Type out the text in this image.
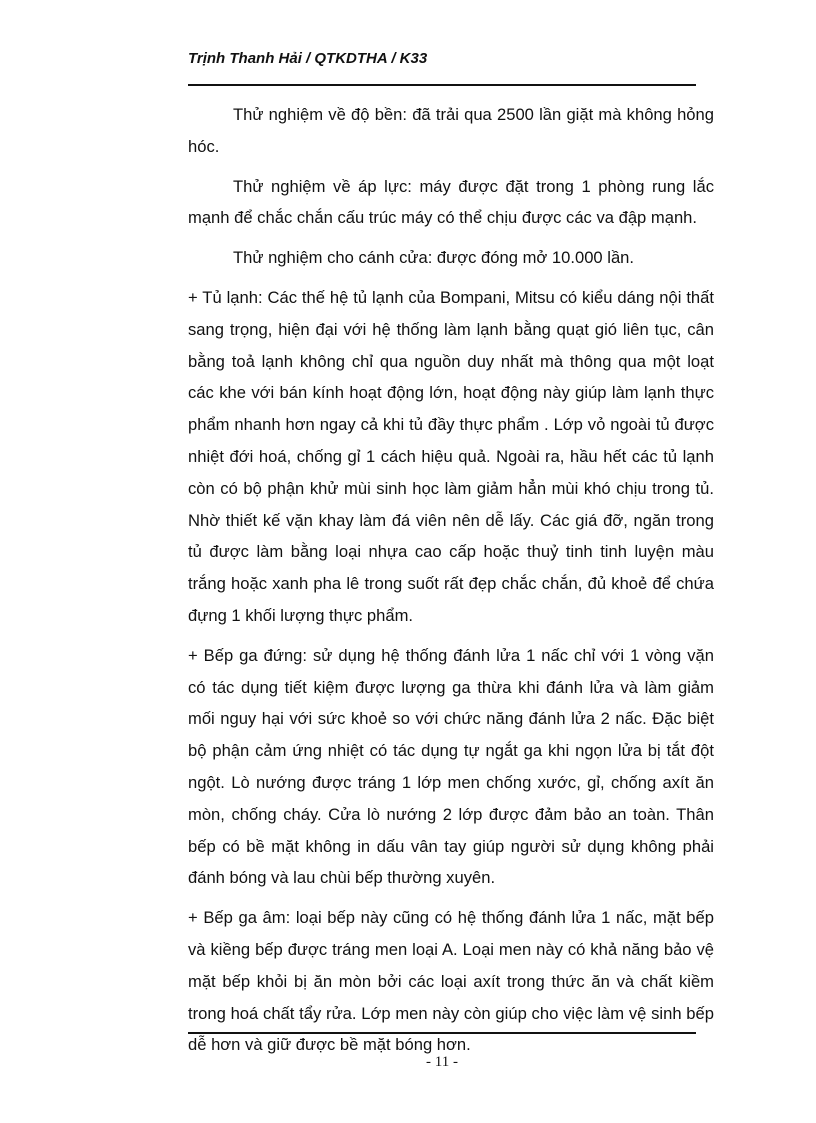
Trịnh Thanh Hải / QTKDTHA / K33

Thử nghiệm về độ bền: đã trải qua 2500 lần giặt mà không hỏng hóc.

Thử nghiệm về áp lực: máy được đặt trong 1 phòng rung lắc mạnh để chắc chắn cấu trúc máy có thể chịu được các va đập mạnh.

Thử nghiệm cho cánh cửa: được đóng mở 10.000 lần.

+ Tủ lạnh: Các thế hệ tủ lạnh của Bompani, Mitsu có kiểu dáng nội thất sang trọng, hiện đại với hệ thống làm lạnh bằng quạt gió liên tục, cân bằng toả lạnh không chỉ qua nguồn duy nhất mà thông qua một loạt các khe với bán kính hoạt động lớn, hoạt động này giúp làm lạnh thực phẩm nhanh hơn ngay cả khi tủ đầy thực phẩm . Lớp vỏ ngoài tủ được nhiệt đới hoá, chống gỉ 1 cách hiệu quả. Ngoài ra, hầu hết các tủ lạnh còn có bộ phận khử mùi sinh học làm giảm hẳn mùi khó chịu trong tủ. Nhờ thiết kế vặn khay làm đá viên nên dễ lấy. Các giá đỡ, ngăn trong tủ được làm bằng loại nhựa cao cấp hoặc thuỷ tinh tinh luyện màu trắng hoặc xanh pha lê trong suốt rất đẹp chắc chắn, đủ khoẻ để chứa đựng 1 khối lượng thực phẩm.

+ Bếp ga đứng: sử dụng hệ thống đánh lửa 1 nấc chỉ với 1 vòng vặn có tác dụng tiết kiệm được lượng ga thừa khi đánh lửa và làm giảm mối nguy hại với sức khoẻ so với chức năng đánh lửa 2 nấc. Đặc biệt bộ phận cảm ứng nhiệt có tác dụng tự ngắt ga khi ngọn lửa bị tắt đột ngột. Lò nướng được tráng 1 lớp men chống xước, gỉ, chống axít ăn mòn, chống cháy. Cửa lò nướng 2 lớp được đảm bảo an toàn. Thân bếp có bề mặt không in dấu vân tay giúp người sử dụng không phải đánh bóng và lau chùi bếp thường xuyên.

+ Bếp ga âm: loại bếp này cũng có hệ thống đánh lửa 1 nấc, mặt bếp và kiềng bếp được tráng men loại A. Loại men này có khả năng bảo vệ mặt bếp khỏi bị ăn mòn bởi các loại axít trong thức ăn và chất kiềm trong hoá chất tẩy rửa. Lớp men này còn giúp cho việc làm vệ sinh bếp dễ hơn và giữ được bề mặt bóng hơn.

- 11 -
